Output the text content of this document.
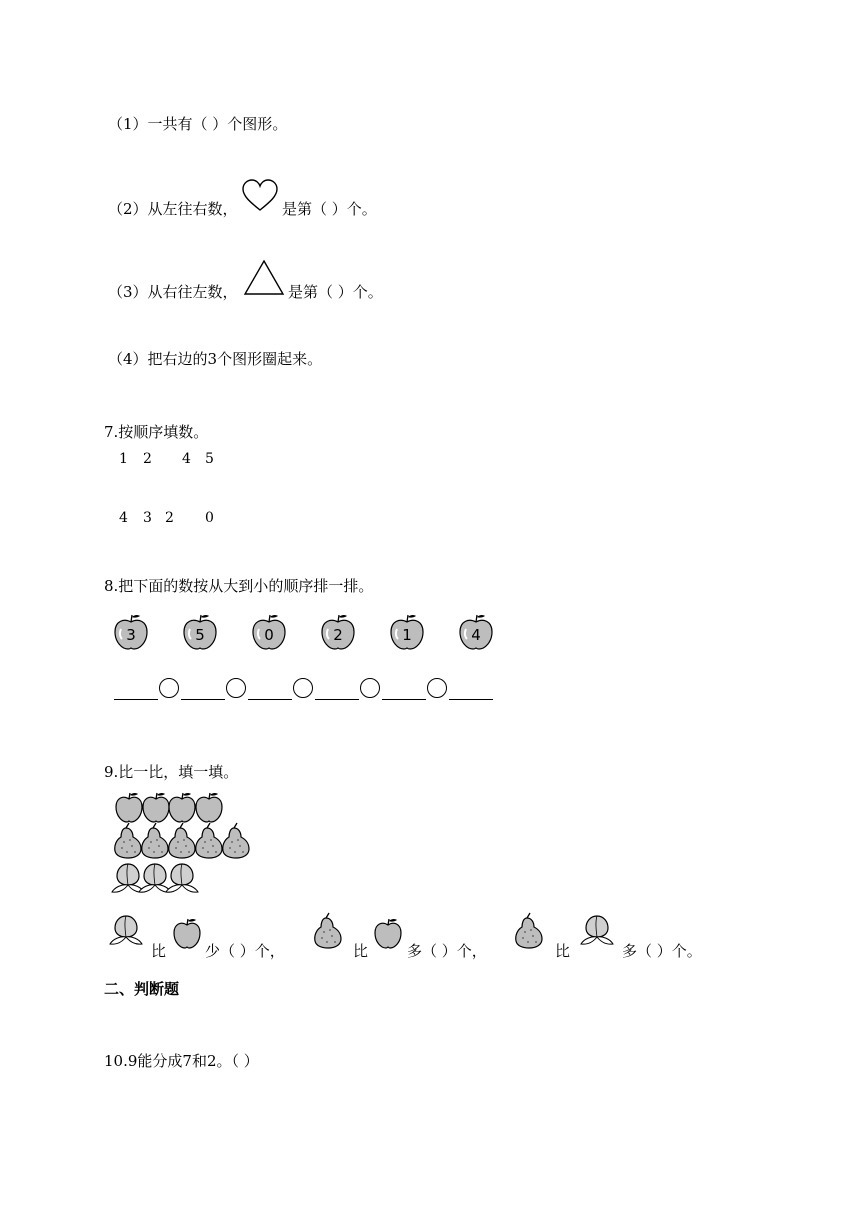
（1）一共有（ ）个图形。
（2）从左往右数，	是第（ ）个。
（3）从右往左数，	是第（ ）个。
（4）把右边的3个图形圈起来。
7.按顺序填数。
1 2 4 5
4 3 2 0
8.把下面的数按从大到小的顺序排一排。
3	5	0	2	1	4
9.比一比，填一填。
比	少（ ）个，	比	多（ ）个，	比	多（ ）个。
二、判断题
10.9能分成7和2。（ ）
